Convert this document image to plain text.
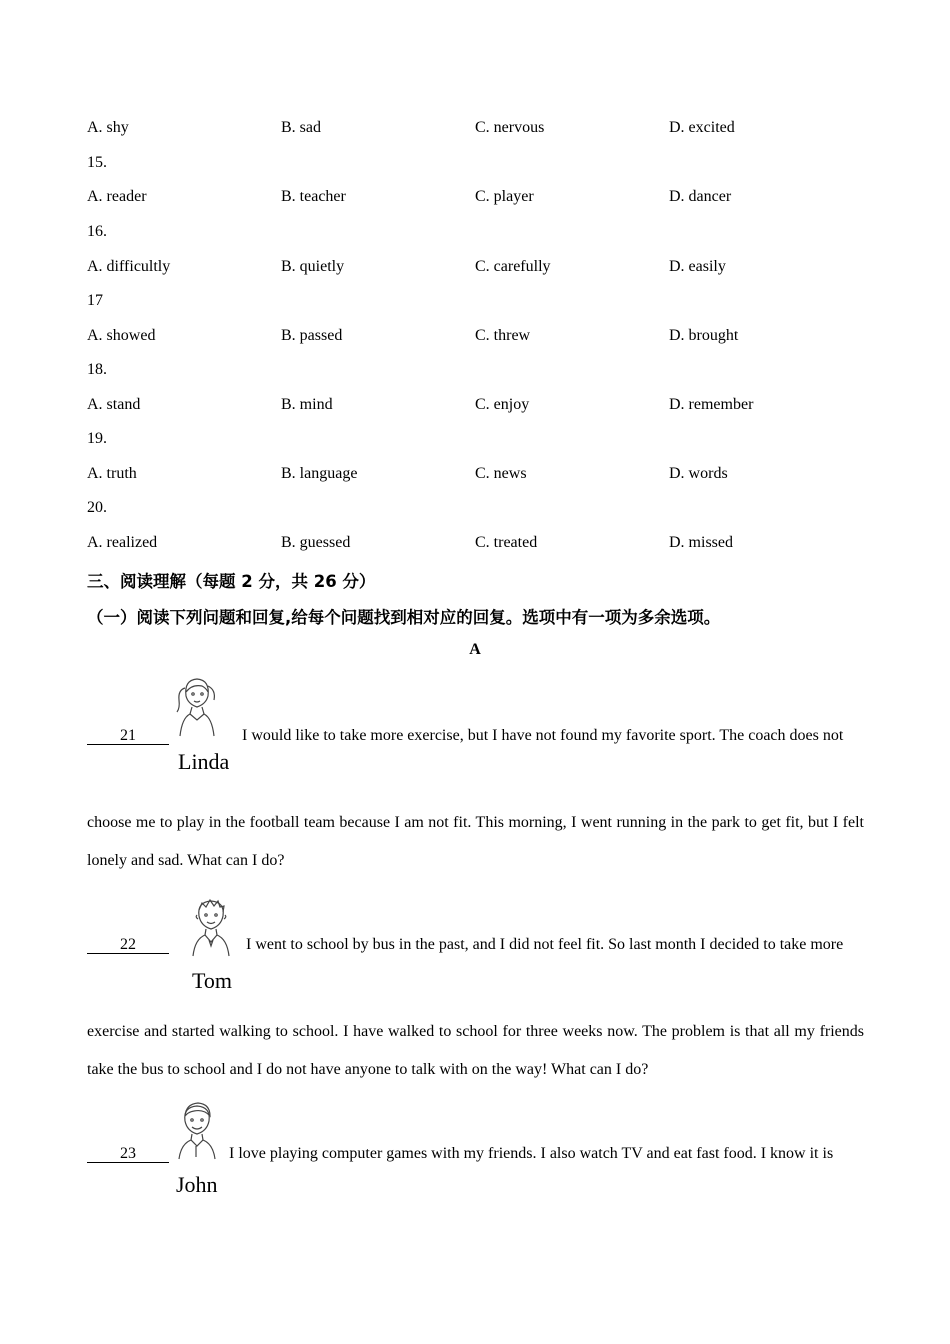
A. shy	B. sad	C. nervous	D. excited
15.
A. reader	B. teacher	C. player	D. dancer
16.
A. difficultly	B. quietly	C. carefully	D. easily
17
A. showed	B. passed	C. threw	D. brought
18.
A. stand	B. mind	C. enjoy	D. remember
19.
A. truth	B. language	C. news	D. words
20.
A. realized	B. guessed	C. treated	D. missed
三、阅读理解（每题 2 分，共 26 分）
（一）阅读下列问题和回复,给每个问题找到相对应的回复。选项中有一项为多余选项。
A
21
Linda
I would like to take more exercise, but I have not found my favorite sport. The coach does not
choose me to play in the football team because I am not fit. This morning, I went running in the park to get fit, but I felt lonely and sad. What can I do?
22
Tom
I went to school by bus in the past, and I did not feel fit. So last month I decided to take more
exercise and started walking to school. I have walked to school for three weeks now. The problem is that all my friends take the bus to school and I do not have anyone to talk with on the way! What can I do?
23
John
I love playing computer games with my friends. I also watch TV and eat fast food. I know it is
